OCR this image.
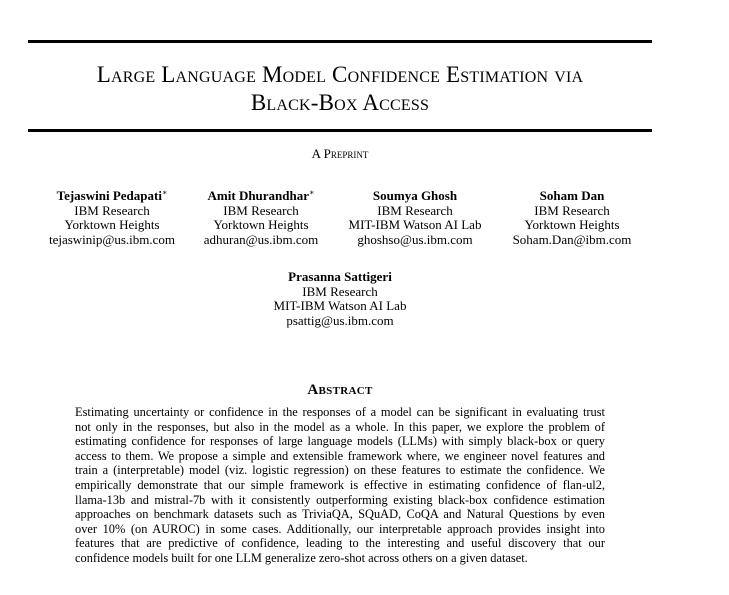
Large Language Model Confidence Estimation via
Black-Box Access
A Preprint
Tejaswini Pedapati∗
IBM Research
Yorktown Heights
tejaswinip@us.ibm.com
Amit Dhurandhar∗
IBM Research
Yorktown Heights
adhuran@us.ibm.com
Soumya Ghosh
IBM Research
MIT-IBM Watson AI Lab
ghoshso@us.ibm.com
Soham Dan
IBM Research
Yorktown Heights
Soham.Dan@ibm.com
Prasanna Sattigeri
IBM Research
MIT-IBM Watson AI Lab
psattig@us.ibm.com
Abstract
Estimating uncertainty or confidence in the responses of a model can be significant in evaluating trust
not only in the responses, but also in the model as a whole. In this paper, we explore the problem of
estimating confidence for responses of large language models (LLMs) with simply black-box or query
access to them. We propose a simple and extensible framework where, we engineer novel features and
train a (interpretable) model (viz. logistic regression) on these features to estimate the confidence. We
empirically demonstrate that our simple framework is effective in estimating confidence of flan-ul2,
llama-13b and mistral-7b with it consistently outperforming existing black-box confidence estimation
approaches on benchmark datasets such as TriviaQA, SQuAD, CoQA and Natural Questions by even
over 10% (on AUROC) in some cases. Additionally, our interpretable approach provides insight into
features that are predictive of confidence, leading to the interesting and useful discovery that our
confidence models built for one LLM generalize zero-shot across others on a given dataset.
